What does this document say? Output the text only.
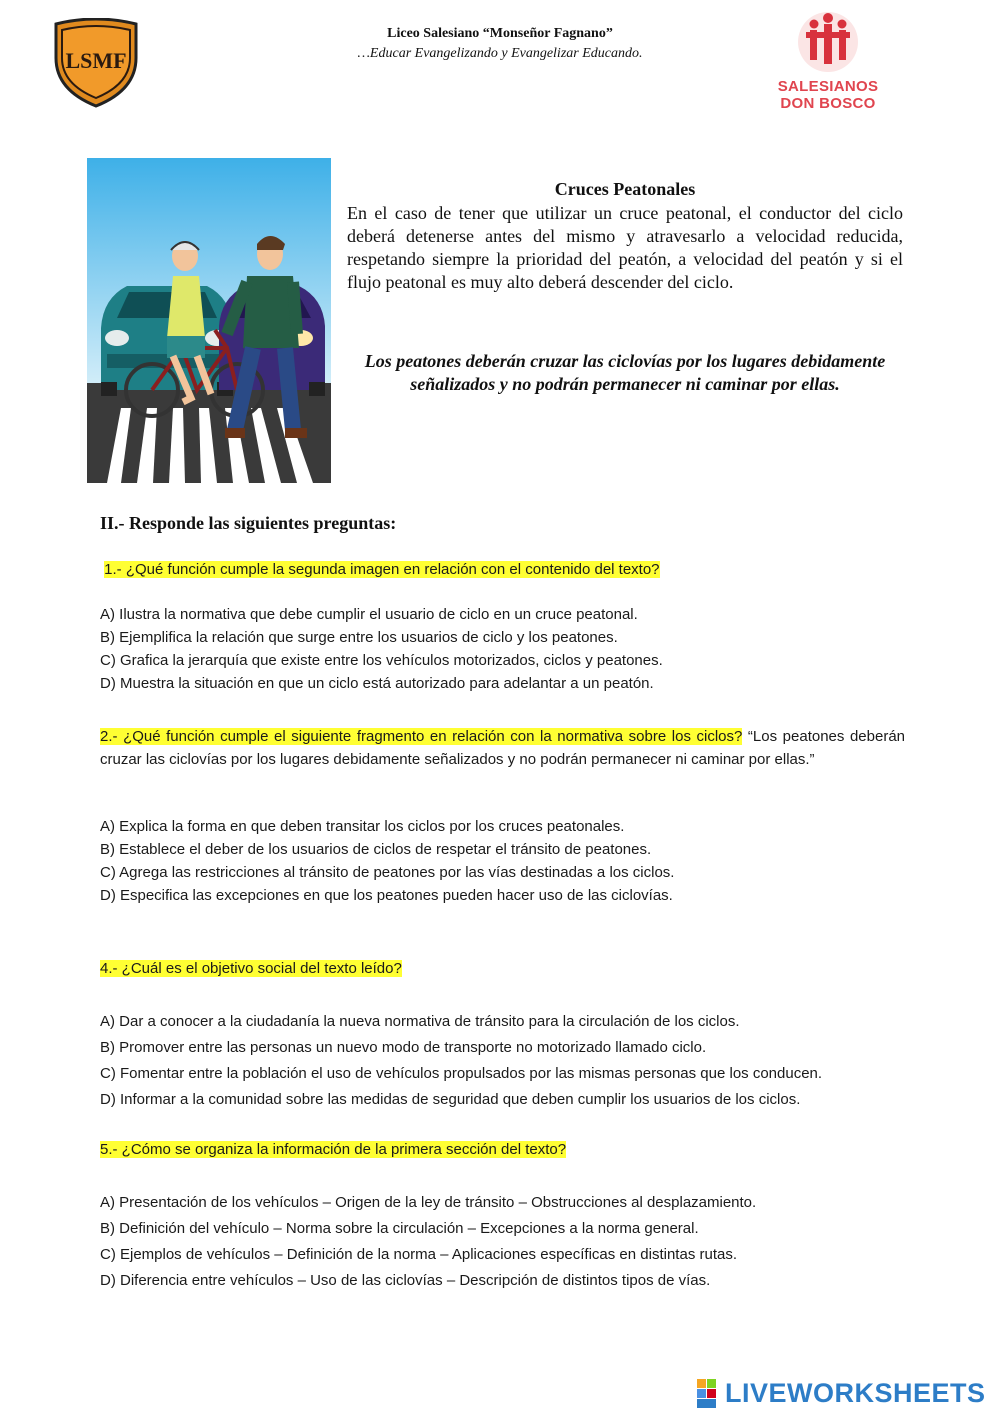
Liceo Salesiano “Monseñor Fagnano”
…Educar Evangelizando y Evangelizar Educando.
LSMF
SALESIANOS
DON BOSCO
Cruces Peatonales
En el caso de tener que utilizar un cruce peatonal, el conductor del ciclo deberá detenerse antes del mismo y atravesarlo a velocidad reducida, respetando siempre la prioridad del peatón, a velocidad del peatón y si el flujo peatonal es muy alto deberá descender del ciclo.
Los peatones deberán cruzar las ciclovías por los lugares debidamente señalizados y no podrán permanecer ni caminar por ellas.
II.- Responde las siguientes preguntas:
1.- ¿Qué función cumple la segunda imagen en relación con el contenido del texto?
A) Ilustra la normativa que debe cumplir el usuario de ciclo en un cruce peatonal.
B) Ejemplifica la relación que surge entre los usuarios de ciclo y los peatones.
C) Grafica la jerarquía que existe entre los vehículos motorizados, ciclos y peatones.
D) Muestra la situación en que un ciclo está autorizado para adelantar a un peatón.
2.- ¿Qué función cumple el siguiente fragmento en relación con la normativa sobre los ciclos? “Los peatones deberán cruzar las ciclovías por los lugares debidamente señalizados y no podrán permanecer ni caminar por ellas.”
A) Explica la forma en que deben transitar los ciclos por los cruces peatonales.
B) Establece el deber de los usuarios de ciclos de respetar el tránsito de peatones.
C) Agrega las restricciones al tránsito de peatones por las vías destinadas a los ciclos.
D) Especifica las excepciones en que los peatones pueden hacer uso de las ciclovías.
4.- ¿Cuál es el objetivo social del texto leído?
A) Dar a conocer a la ciudadanía la nueva normativa de tránsito para la circulación de los ciclos.
B) Promover entre las personas un nuevo modo de transporte no motorizado llamado ciclo.
C) Fomentar entre la población el uso de vehículos propulsados por las mismas personas que los conducen.
D) Informar a la comunidad sobre las medidas de seguridad que deben cumplir los usuarios de los ciclos.
5.- ¿Cómo se organiza la información de la primera sección del texto?
A) Presentación de los vehículos – Origen de la ley de tránsito – Obstrucciones al desplazamiento.
B) Definición del vehículo – Norma sobre la circulación – Excepciones a la norma general.
C) Ejemplos de vehículos – Definición de la norma – Aplicaciones específicas en distintas rutas.
D) Diferencia entre vehículos – Uso de las ciclovías – Descripción de distintos tipos de vías.
LIVEWORKSHEETS
